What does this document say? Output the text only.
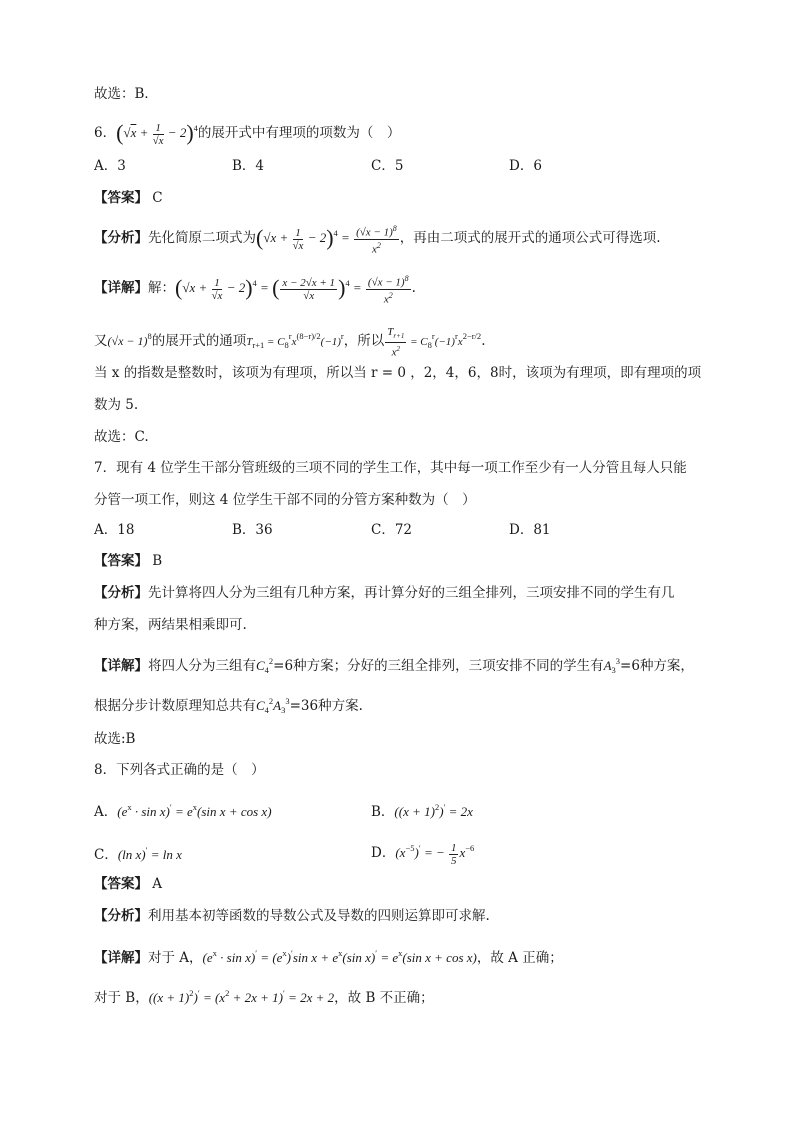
故选：B．
6．$(√x + \frac{1}{√x} - 2)^4$的展开式中有理项的项数为（　）
A．3	B．4	C．5	D．6
【 答案 】 C
【 分析 】 先化简原二项式为$(√x + \frac{1}{√x} - 2)^4 = \frac{(√x - 1)^8}{x^2}$ ，再由二项式的展开式的通项公式可得选项.
【 详解 】 解：$(√x + \frac{1}{√x} - 2)^4$ = ( $\frac{x - 2√x + 1}{√x} )^4 = \frac{(√x - 1)^8}{x^2}$ .
又$(√x - 1)^8$的展开式的通项$T_{r+1} = C_8^rx^{(8-r)/2}(-1)^r$，所以 $\frac{T_{r+1}}{x^2} = C_8^r(-1)^rx^{2-r/2}$.
当 x 的指数是整数时，该项为有理项，所以当 r = 0 ，2，4，6，8时，该项为有理项，即有理项的项
数为 5.
故选：C.
7．现有 4 位学生干部分管班级的三项不同的学生工作，其中每一项工作至少有一人分管且每人只能
分管一项工作，则这 4 位学生干部不同的分管方案种数为（　）
A．18	B．36	C．72	D．81
【 答案 】 B
【 分析 】 先计算将四人分为三组有几种方案，再计算分好的三组全排列，三项安排不同的学生有几
种方案，两结果相乘即可.
【 详解 】 将四人分为三组有$C_4^2=6$种方案；分好的三组全排列，三项安排不同的学生有$A_3^3=6$种方案，
根据分步计数原理知总共有$C_4^2A_3^3=36$种方案.
故选:B
8．下列各式正确的是（　）
A．$(e^x \cdot \sin x)' = e^x(\sin$ x + cos x)	B．$((x + 1)^2)' = 2x$
C．(ln x)′ = ln x	D．$(x^{-5})'$ = − $\frac{1}{5} x^{-6}$
【 答案 】 A
【 分析 】 利用基本初等函数的导数公式及导数的四则运算即可求解.
【 详解 】 对于 A，$(e^x \cdot \sin x)' = (e^x)'\sin$ $x + e^x(\sin$ $x)' = e^x(\sin$ x + cos x)，故 A 正确；
对于 B，$((x + 1)^2)' = (x^2 + 2x + 1)' = 2x + 2$，故 B 不正确；
